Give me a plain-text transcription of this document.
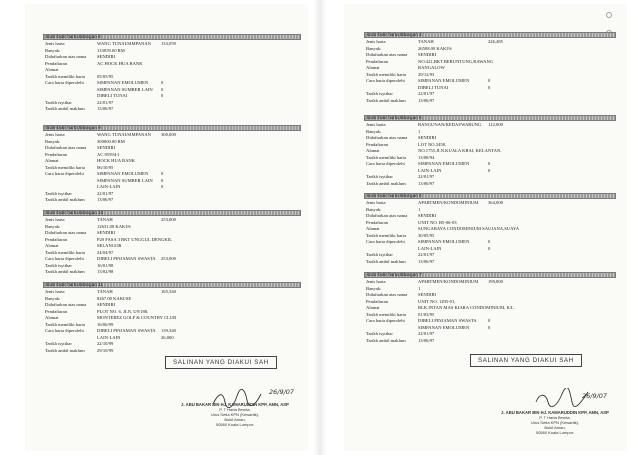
Butir-butir harta Bilangan 8
Jenis harta	WANG TUNAI/SIMPANAN 133,059
Banyak:	133059.00 RM
Didaftarkan atas nama SENDIRI
Pendaftaran	AC HOCK HUA BANK
Alamat
Tarikh memiliki harta	05/05/95
Cara harta diperolehi	SIMPANAN EMOLUMEN	0
SIMPANAN SUMBER LAIN 0
DIBELI TUNAI	0
Tarikh isytihar	22/01/97
Tarikh ambil maklum	13/06/97
Butir-butir harta Bilangan 9
Jenis harta	WANG TUNAI/SIMPANAN 300,000
Banyak:	300000.00 RM
Didaftarkan atas nama SENDIRI
Pendaftaran	AC 85594-1
Alamat	HOCK HUA BANK
Tarikh memiliki harta	06/10/95
Cara harta diperolehi	SIMPANAN EMOLUMEN	0
SIMPANAN SUMBER LAIN 0
LAIN-LAIN	0
Tarikh isytihar	22/01/97
Tarikh ambil maklum	13/06/97
Butir-butir harta Bilangan 10
Jenis harta	TANAH	253,000
Banyak:	12631.00 KAKI/S
Didaftarkan atas nama SENDIRI
Pendaftaran	P20 FASA 3 BKT UNGGUL DENGKIL
Alamat	SELANGOR
Tarikh memiliki harta	24/04/97
Cara harta diperolehi	DIBELI PINJAMAN SWASTA 253,000
Tarikh isytihar	16/01/98
Tarikh ambil maklum	13/02/98
Butir-butir harta Bilangan 11
Jenis harta	TANAH	165,340
Banyak:	8267.00 KAKI/SE
Didaftarkan atas nama SENDIRI
Pendaftaran	PLOT NO. 6, JLN, U9/188,
Alamat	MONTEREZ GOLF & COUNTRY CLUB
Tarikh memiliki harta	16/06/99
Cara harta diperolehi	DIBELI PINJAMAN SWASTA 139,340
LAIN-LAIN	26,000
Tarikh isytihar	22/10/99
Tarikh ambil maklum	29/10/99
SALINAN YANG DIAKUI SAH
26/9/07
J. ABU BAKAR BIN HJ. KAMARUDDIN KPP, AMN, ASP
P. T Harta Benda,
Urus Setia KPN (Kewartik),
Bukit Aman,
50560 Kuala Lumpur.
Butir-butir harta Bilangan 4
Jenis harta	TANAH	226,485
Banyak:	26508.00 KAKI/S
Didaftarkan atas nama SENDIRI
Pendaftaran	NO.421,BKT.BERUNTUNG,RAWANG
Alamat	BANGALOW
Tarikh memiliki harta	29/12/93
Cara harta diperolehi	SIMPANAN EMOLUMEN	0
DIBELI TUNAI	0
Tarikh isytihar	22/01/97
Tarikh ambil maklum	13/06/97
Butir-butir harta Bilangan 5
Jenis harta	BANGUNAN/KEDAI/WARUNG 122,000
Banyak:	1
Didaftarkan atas nama SENDIRI
Pendaftaran	LOT NO.3458,
Alamat	NO.1755,JLN.KUALA KRAI, KELANTAN.
Tarikh memiliki harta	13/08/94
Cara harta diperolehi	SIMPANAN EMOLUMEN	0
LAIN-LAIN	0
Tarikh isytihar	22/01/97
Tarikh ambil maklum	13/06/97
Butir-butir harta Bilangan 6
Jenis harta	APARTMEN/KONDOMINIUM 364,000
Banyak:	1
Didaftarkan atas nama SENDIRI
Pendaftaran	UNIT NO. B5-06-03
Alamat	SUNGARAYA CONDOMINIUM SAUJANA,SUAYA
Tarikh memiliki harta	30/05/95
Cara harta diperolehi	SIMPANAN EMOLUMEN	0
LAIN-LAIN	0
Tarikh isytihar	22/01/97
Tarikh ambil maklum	13/06/97
Butir-butir harta Bilangan 7
Jenis harta	APARTMEN/KONDOMINIUM 199,800
Banyak:	1
Didaftarkan atas nama SENDIRI
Pendaftaran	UNIT NO. 1295-01,
Alamat	BLK.INTAN MAS KIARA CONDOMINIUM, K/L.
Tarikh memiliki harta	01/03/95
Cara harta diperolehi	DIBELI PINJAMAN SWASTA 0
SIMPANAN EMOLUMEN	0
Tarikh isytihar	22/01/97
Tarikh ambil maklum	13/06/97
SALINAN YANG DIAKUI SAH
26/9/07
J. ABU BAKAR BIN HJ. KAMARUDDIN KPP, AMN, ASP
P. T Harta Benda,
Urus Setia KPN (Kewartik),
Bukit Aman,
50560 Kuala Lumpur.
